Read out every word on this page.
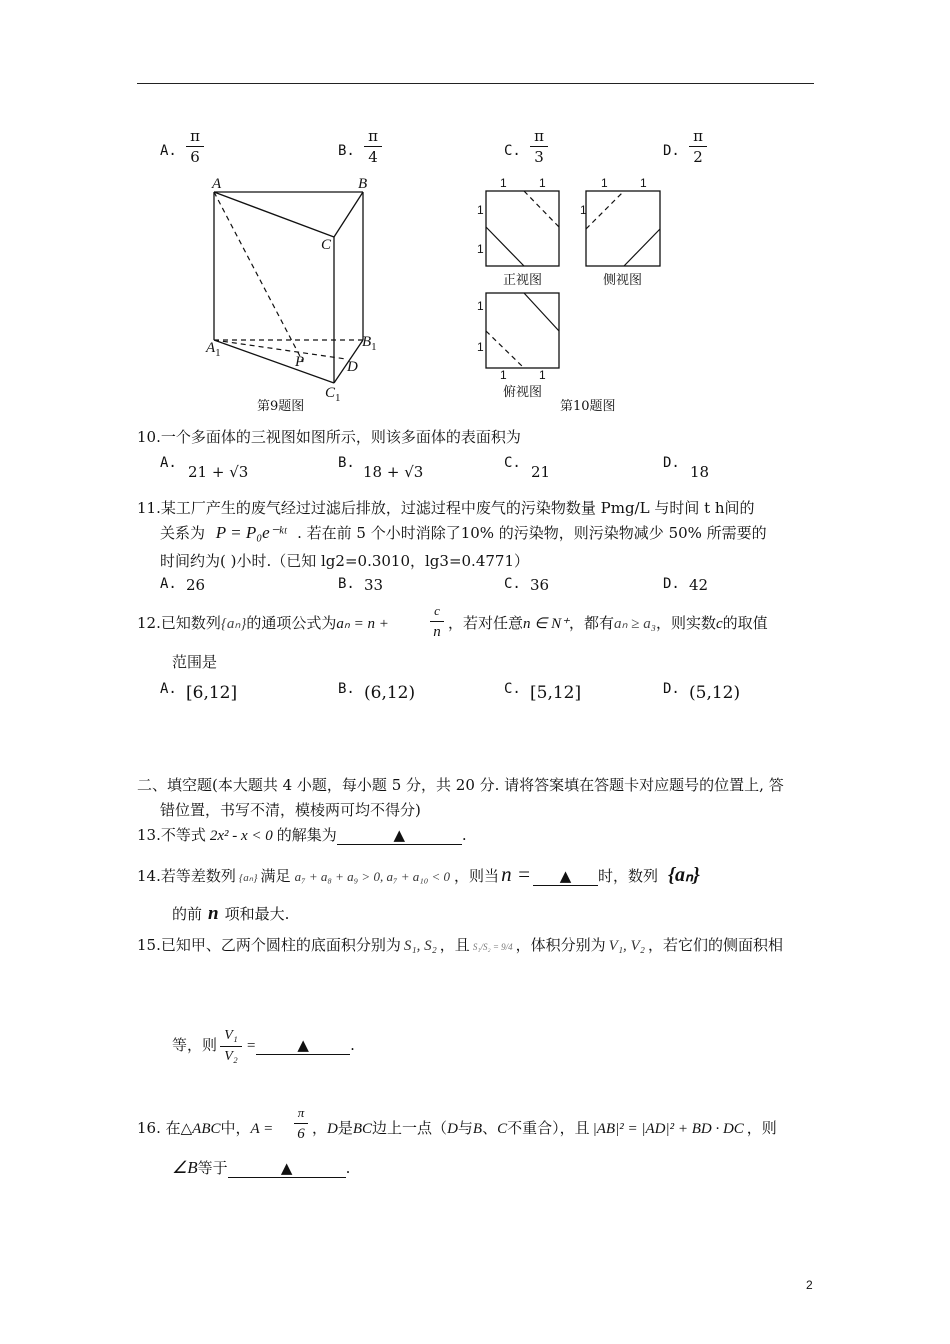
A.
π
6	B.
π
4	C.
π
3	D.
π
2
A	B
C
$A_1$
$B_1$
$C_1$
P	D
第9题图
1	1
1
1
正视图
1	1
1
侧视图
1
1
1	1
俯视图
第10题图
10.一个多面体的三视图如图所示，则该多面体的表面积为
A. 21 + √3	B. 18 + √3	C. 21	D. 18
11.某工厂产生的废气经过过滤后排放，过滤过程中废气的污染物数量 Pmg/L 与时间 t h间的
关系为 P = P₀e⁻ᵏᵗ . 若在前 5 个小时消除了10% 的污染物，则污染物减少 50% 所需要的
时间约为( )小时.（已知 lg2=0.3010，lg3=0.4771）
A. 26	B. 33	C. 36	D. 42
12.已知数列{aₙ}的通项公式为aₙ = n +
c
n ，若对任意n ∈ N⁺，都有aₙ ≥ a₃，则实数c的取值
范围是
A. [6,12]	B. (6,12)	C. [5,12]	D. (5,12)
二、填空题(本大题共 4 小题，每小题 5 分，共 20 分. 请将答案填在答题卡对应题号的位置上, 答
错位置，书写不清，模棱两可均不得分)
13.不等式 2x² - x < 0 的解集为	▲	.
14.若等差数列 {aₙ} 满足 a₇ + a₈ + a₉ > 0, a₇ + a₁₀ < 0 ，则当n = ▲ 时，数列 {aₙ}
的前 n 项和最大.
15.已知甲、乙两个圆柱的底面积分别为 S₁, S₂ ，且 S₁/S₂ = 9/4 ，体积分别为 V₁, V₂ ，若它们的侧面积相
等，则
V₁
V₂
=	▲	.
16. 在△ABC中，A =
π
6 ，D是BC边上一点（D与B、C不重合），且 |AB|² = |AD|² + BD · DC ，则
∠B等于	▲	.
2
